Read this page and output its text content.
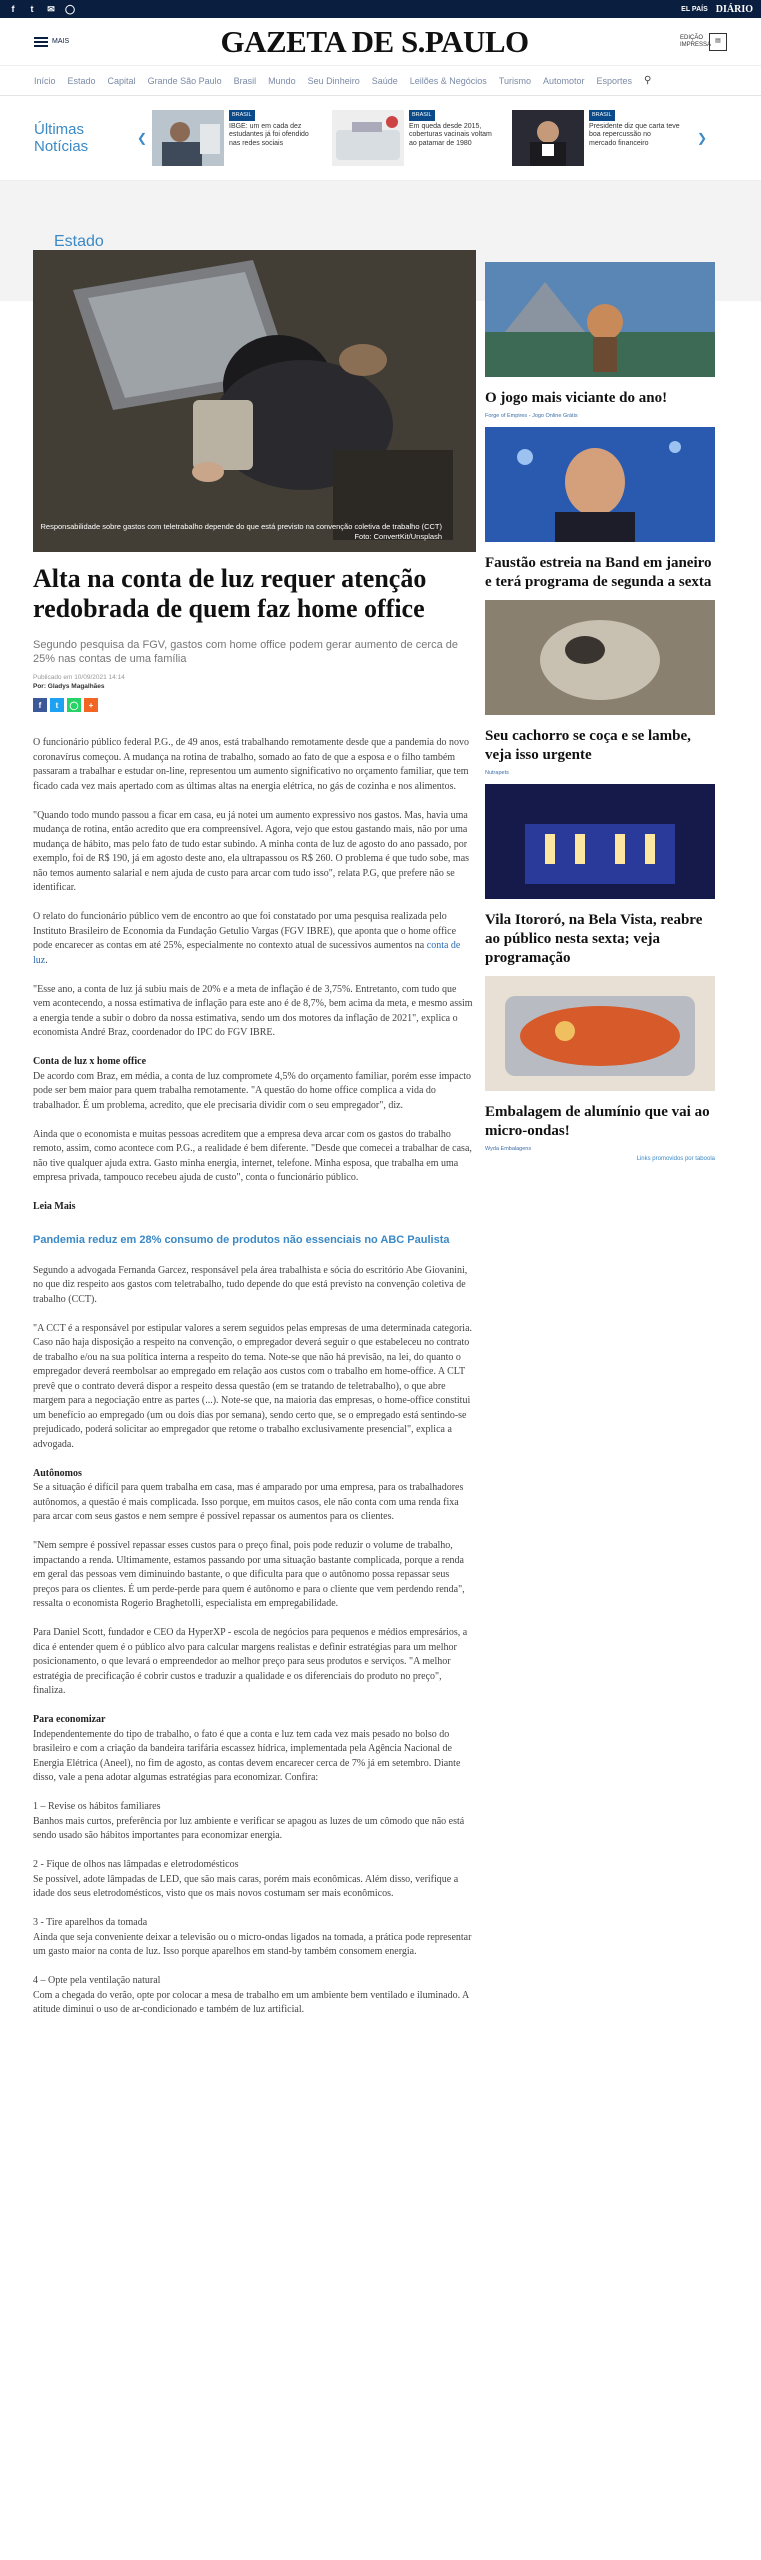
f	t	✉ ◯	EL PAÍS DIÁRIO
MAIS	GAZETA DE S.PAULO	EDIÇÃO IMPRESSA
▤
Início Estado Capital Grande São Paulo Brasil Mundo Seu Dinheiro Saúde Leilões & Negócios Turismo Automotor Esportes ⚲
Últimas Notícias	❮
BRASIL
IBGE: um em cada dez estudantes já foi ofendido nas redes sociais
BRASIL
Em queda desde 2015, coberturas vacinais voltam ao patamar de 1980
BRASIL
Presidente diz que carta teve boa repercussão no mercado financeiro	❯
Estado
Responsabilidade sobre gastos com teletrabalho depende do que está previsto na convenção coletiva de trabalho (CCT)
Foto: ConvertKit/Unsplash
Alta na conta de luz requer atenção redobrada de quem faz home office
Segundo pesquisa da FGV, gastos com home office podem gerar aumento de cerca de 25% nas contas de uma família
Publicado em 10/09/2021 14:14
Por: Gladys Magalhães
f	t	◯	+

O funcionário público federal P.G., de 49 anos, está trabalhando remotamente desde que a pandemia do novo coronavírus começou. A mudança na rotina de trabalho, somado ao fato de que a esposa e o filho também passaram a trabalhar e estudar on-line, representou um aumento significativo no orçamento familiar, que tem ficado cada vez mais apertado com as últimas altas na energia elétrica, no gás de cozinha e nos alimentos.

"Quando todo mundo passou a ficar em casa, eu já notei um aumento expressivo nos gastos. Mas, havia uma mudança de rotina, então acredito que era compreensível. Agora, vejo que estou gastando mais, não por uma mudança de hábito, mas pelo fato de tudo estar subindo. A minha conta de luz de agosto do ano passado, por exemplo, foi de R$ 190, já em agosto deste ano, ela ultrapassou os R$ 260. O problema é que tudo sobe, mas não temos aumento salarial e nem ajuda de custo para arcar com tudo isso", relata P.G, que prefere não se identificar.

O relato do funcionário público vem de encontro ao que foi constatado por uma pesquisa realizada pelo Instituto Brasileiro de Economia da Fundação Getulio Vargas (FGV IBRE), que aponta que o home office pode encarecer as contas em até 25%, especialmente no contexto atual de sucessivos aumentos na conta de luz.

"Esse ano, a conta de luz já subiu mais de 20% e a meta de inflação é de 3,75%. Entretanto, com tudo que vem acontecendo, a nossa estimativa de inflação para este ano é de 8,7%, bem acima da meta, e mesmo assim a energia tende a subir o dobro da nossa estimativa, sendo um dos motores da inflação de 2021", explica o economista André Braz, coordenador do IPC do FGV IBRE.

Conta de luz x home office

De acordo com Braz, em média, a conta de luz compromete 4,5% do orçamento familiar, porém esse impacto pode ser bem maior para quem trabalha remotamente. "A questão do home office complica a vida do trabalhador. É um problema, acredito, que ele precisaria dividir com o seu empregador", diz.

Ainda que o economista e muitas pessoas acreditem que a empresa deva arcar com os gastos do trabalho remoto, assim, como acontece com P.G., a realidade é bem diferente. "Desde que comecei a trabalhar de casa, não tive qualquer ajuda extra. Gasto minha energia, internet, telefone. Minha esposa, que trabalha em uma empresa privada, tampouco recebeu ajuda de custo", conta o funcionário público.

Leia Mais
Pandemia reduz em 28% consumo de produtos não essenciais no ABC Paulista

Segundo a advogada Fernanda Garcez, responsável pela área trabalhista e sócia do escritório Abe Giovanini, no que diz respeito aos gastos com teletrabalho, tudo depende do que está previsto na convenção coletiva de trabalho (CCT).

"A CCT é a responsável por estipular valores a serem seguidos pelas empresas de uma determinada categoria. Caso não haja disposição a respeito na convenção, o empregador deverá seguir o que estabeleceu no contrato de trabalho e/ou na sua política interna a respeito do tema. Note-se que não há previsão, na lei, do quanto o empregador deverá reembolsar ao empregado em relação aos custos com o trabalho em home-office. A CLT prevê que o contrato deverá dispor a respeito dessa questão (em se tratando de teletrabalho), o que abre margem para a negociação entre as partes (...). Note-se que, na maioria das empresas, o home-office constitui um benefício ao empregado (um ou dois dias por semana), sendo certo que, se o empregado está sentindo-se prejudicado, poderá solicitar ao empregador que retome o trabalho exclusivamente presencial", explica a advogada.

Autônomos

Se a situação é difícil para quem trabalha em casa, mas é amparado por uma empresa, para os trabalhadores autônomos, a questão é mais complicada. Isso porque, em muitos casos, ele não conta com uma renda fixa para arcar com seus gastos e nem sempre é possível repassar os aumentos para os clientes.

"Nem sempre é possível repassar esses custos para o preço final, pois pode reduzir o volume de trabalho, impactando a renda. Ultimamente, estamos passando por uma situação bastante complicada, porque a renda em geral das pessoas vem diminuindo bastante, o que dificulta para que o autônomo possa repassar seus preços para os clientes. É um perde-perde para quem é autônomo e para o cliente que vem perdendo renda", ressalta o economista Rogerio Braghetolli, especialista em empregabilidade.

Para Daniel Scott, fundador e CEO da HyperXP - escola de negócios para pequenos e médios empresários, a dica é entender quem é o público alvo para calcular margens realistas e definir estratégias para um melhor posicionamento, o que levará o empreendedor ao melhor preço para seus produtos e serviços. "A melhor estratégia de precificação é cobrir custos e traduzir a qualidade e os diferenciais do produto no preço", finaliza.

Para economizar

Independentemente do tipo de trabalho, o fato é que a conta e luz tem cada vez mais pesado no bolso do brasileiro e com a criação da bandeira tarifária escassez hídrica, implementada pela Agência Nacional de Energia Elétrica (Aneel), no fim de agosto, as contas devem encarecer cerca de 7% já em setembro. Diante disso, vale a pena adotar algumas estratégias para economizar. Confira:

1 – Revise os hábitos familiares

Banhos mais curtos, preferência por luz ambiente e verificar se apagou as luzes de um cômodo que não está sendo usado são hábitos importantes para economizar energia.

2 - Fique de olhos nas lâmpadas e eletrodomésticos

Se possível, adote lâmpadas de LED, que são mais caras, porém mais econômicas. Além disso, verifique a idade dos seus eletrodomésticos, visto que os mais novos costumam ser mais econômicos.

3 - Tire aparelhos da tomada

Ainda que seja conveniente deixar a televisão ou o micro-ondas ligados na tomada, a prática pode representar um gasto maior na conta de luz. Isso porque aparelhos em stand-by também consomem energia.

4 – Opte pela ventilação natural

Com a chegada do verão, opte por colocar a mesa de trabalho em um ambiente bem ventilado e iluminado. A atitude diminui o uso de ar-condicionado e também de luz artificial.

O jogo mais viciante do ano!
Forge of Empires - Jogo Online Grátis
Faustão estreia na Band em janeiro e terá programa de segunda a sexta
Seu cachorro se coça e se lambe, veja isso urgente
Nutrapets
Vila Itororó, na Bela Vista, reabre ao público nesta sexta; veja programação
Embalagem de alumínio que vai ao micro-ondas!
Wyda Embalagens
Links promovidos por taboola
